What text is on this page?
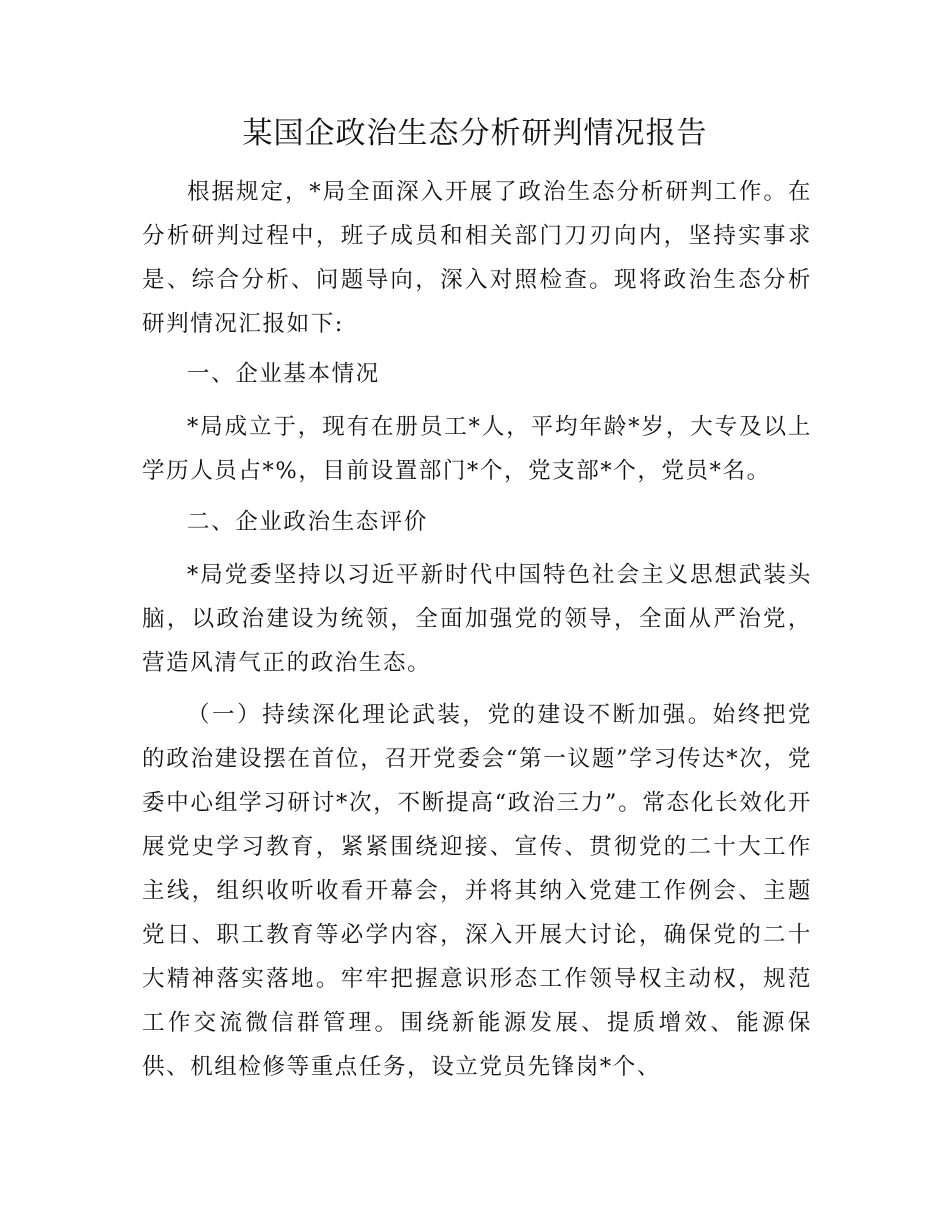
某国企政治生态分析研判情况报告

根据规定，*局全面深入开展了政治生态分析研判工作。在分析研判过程中，班子成员和相关部门刀刃向内，坚持实事求是、综合分析、问题导向，深入对照检查。现将政治生态分析研判情况汇报如下:

一、企业基本情况

*局成立于，现有在册员工*人，平均年龄*岁，大专及以上学历人员占*%，目前设置部门*个，党支部*个，党员*名。

二、企业政治生态评价

*局党委坚持以习近平新时代中国特色社会主义思想武装头脑，以政治建设为统领，全面加强党的领导，全面从严治党，营造风清气正的政治生态。

（一）持续深化理论武装，党的建设不断加强。始终把党的政治建设摆在首位，召开党委会“第一议题”学习传达*次，党委中心组学习研讨*次，不断提高“政治三力”。常态化长效化开展党史学习教育，紧紧围绕迎接、宣传、贯彻党的二十大工作主线，组织收听收看开幕会，并将其纳入党建工作例会、主题党日、职工教育等必学内容，深入开展大讨论，确保党的二十大精神落实落地。牢牢把握意识形态工作领导权主动权，规范工作交流微信群管理。围绕新能源发展、提质增效、能源保供、机组检修等重点任务，设立党员先锋岗*个、
